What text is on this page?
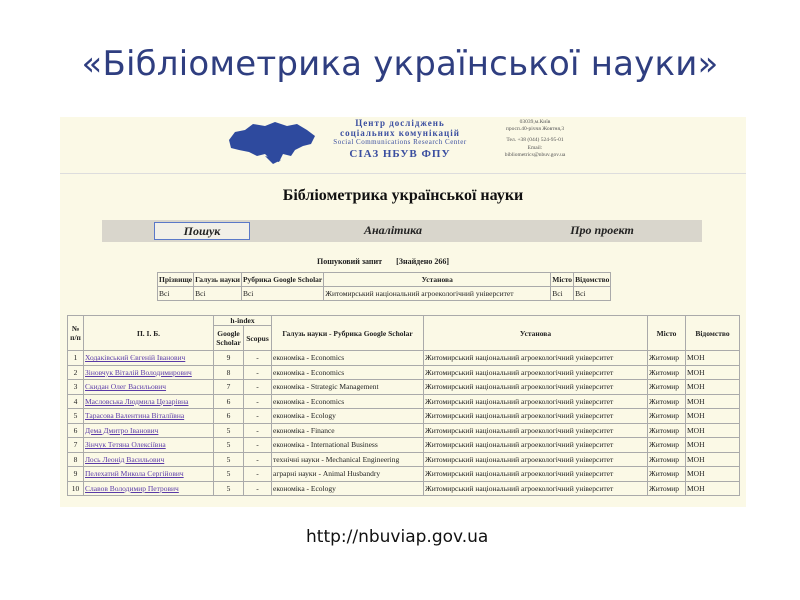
«Бібліометрика української науки»
Центр досліджень
соціальних комунікацій
Social Communications Research Center
СІАЗ НБУВ ФПУ
03039,м.Київ
просп.40-річчя Жовтня,3
Тел. +38 (044) 524-95-01
Email:
bibliometrics@nbuv.gov.ua
Бібліометрика української науки
Пошук	Аналітика	Про проект
Пошуковий запит [Знайдено 266]
Прізвище	Галузь науки	Рубрика Google Scholar	Установа	Місто	Відомство
Всі	Всі	Всі	Житомирський національний агроекологічний університет	Всі	Всі
№ п/п	П. І. Б.	h-index		Галузь науки - Рубрика Google Scholar	Установа	Місто	Відомство
		Google Scholar	Scopus				
1	Ходаківський Євгеній Іванович	9	-	економіка - Economics	Житомирський національний агроекологічний університет	Житомир	МОН
2	Зіновчук Віталій Володимирович	8	-	економіка - Economics	Житомирський національний агроекологічний університет	Житомир	МОН
3	Скидан Олег Васильович	7	-	економіка - Strategic Management	Житомирський національний агроекологічний університет	Житомир	МОН
4	Масловська Людмила Цезарівна	6	-	економіка - Economics	Житомирський національний агроекологічний університет	Житомир	МОН
5	Тарасова Валентина Віталіївна	6	-	економіка - Ecology	Житомирський національний агроекологічний університет	Житомир	МОН
6	Дема Дмитро Іванович	5	-	економіка - Finance	Житомирський національний агроекологічний університет	Житомир	МОН
7	Зінчук Тетяна Олексіївна	5	-	економіка - International Business	Житомирський національний агроекологічний університет	Житомир	МОН
8	Лось Леонід Васильович	5	-	технічні науки - Mechanical Engineering	Житомирський національний агроекологічний університет	Житомир	МОН
9	Пелехатий Микола Сергійович	5	-	аграрні науки - Animal Husbandry	Житомирський національний агроекологічний університет	Житомир	МОН
10	Славов Володимир Петрович	5	-	економіка - Ecology	Житомирський національний агроекологічний університет	Житомир	МОН
http://nbuviap.gov.ua
